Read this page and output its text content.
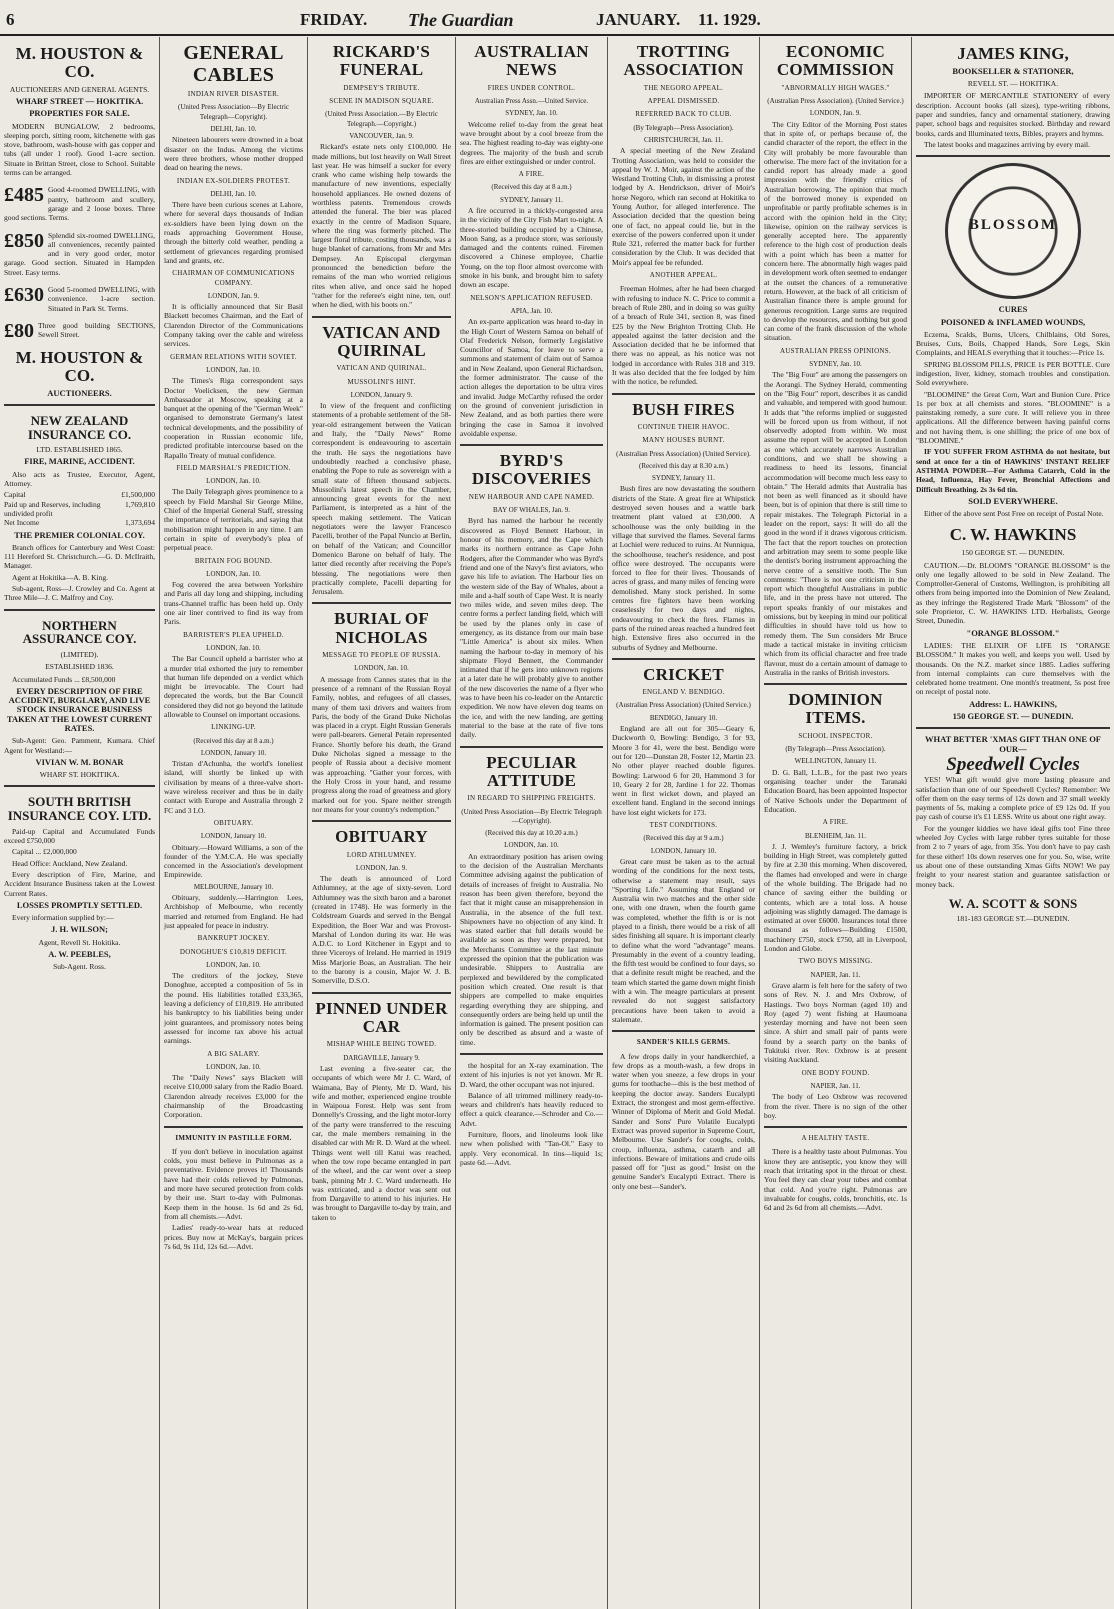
6	FRIDAY. The Guardian	JANUARY. 11. 1929.
M. HOUSTON & CO.
AUCTIONEERS AND GENERAL AGENTS.
WHARF STREET — HOKITIKA.
PROPERTIES FOR SALE.
MODERN BUNGALOW, 2 bedrooms, sleeping porch, sitting room, kitchenette with gas stove, bathroom, wash-house with gas copper and tubs (all under 1 roof). Good 1-acre section. Situate in Brittan Street, close to School. Suitable terms can be arranged.
£485 Good 4-roomed DWELLING, with pantry, bathroom and scullery, garage and 2 loose boxes. Three good sections. Terms.
£850 Splendid six-roomed DWELLING, all conveniences, recently painted and in very good order, motor garage. Good section. Situated in Hampden Street. Easy terms.
£630 Good 5-roomed DWELLING, with convenience. 1-acre section. Situated in Park St. Terms.
£80 Three good building SECTIONS, Sewell Street.
M. HOUSTON & CO.
AUCTIONEERS.
NEW ZEALAND INSURANCE CO.
LTD. ESTABLISHED 1865.
FIRE, MARINE, ACCIDENT.
Also acts as Trustee, Executor, Agent, Attorney.
Capital	£1,500,000
Paid up and Reserves, including undivided profit
1,769,810
Net Income	1,373,694
THE PREMIER COLONIAL COY.
Branch offices for Canterbury and West Coast: 111 Hereford St. Christchurch.—G. D. McIlraith, Manager.
Agent at Hokitika—A. B. King.
Sub-agent, Ross—J. Crowley and Co. Agent at Three Mile—J. C. Malfroy and Coy.
NORTHERN ASSURANCE COY.
(LIMITED).
ESTABLISHED 1836.
Accumulated Funds ... £8,500,000
EVERY DESCRIPTION OF FIRE ACCIDENT, BURGLARY, AND LIVE STOCK INSURANCE BUSINESS TAKEN AT THE LOWEST CURRENT RATES.
Sub-Agent: Geo. Pamment, Kumara. Chief Agent for Westland:—
VIVIAN W. M. BONAR
WHARF ST. HOKITIKA.
SOUTH BRITISH INSURANCE COY. LTD.
Paid-up Capital and Accumulated Funds exceed £750,000
Capital ... £2,000,000
Head Office: Auckland, New Zealand.
Every description of Fire, Marine, and Accident Insurance Business taken at the Lowest Current Rates.
LOSSES PROMPTLY SETTLED.
Every information supplied by:—
J. H. WILSON;
Agent, Revell St. Hokitika.
A. W. PEEBLES,
Sub-Agent. Ross.
GENERAL CABLES
INDIAN RIVER DISASTER.
(United Press Association—By Electric Telegraph—Copyright).
DELHI, Jan. 10.
Nineteen labourers were drowned in a boat disaster on the Indus. Among the victims were three brothers, whose mother dropped dead on hearing the news.
INDIAN EX-SOLDIERS PROTEST.
DELHI, Jan. 10.
There have been curious scenes at Lahore, where for several days thousands of Indian ex-soldiers have been lying down on the roads approaching Government House, through the bitterly cold weather, pending a settlement of grievances regarding promised land and grants, etc.
CHAIRMAN OF COMMUNICATIONS COMPANY.
LONDON, Jan. 9.
It is officially announced that Sir Basil Blackett becomes Chairman, and the Earl of Clarendon Director of the Communications Company taking over the cable and wireless services.
GERMAN RELATIONS WITH SOVIET.
LONDON, Jan. 10.
The Times's Riga correspondent says Doctor Voelicksen, the new German Ambassador at Moscow, speaking at a banquet at the opening of the "German Week" organised to demonstrate Germany's latest technical developments, and the possibility of cooperation in Russian economic life, predicted profitable intercourse based on the Rapallo Treaty of mutual confidence.
FIELD MARSHAL'S PREDICTION.
LONDON, Jan. 10.
The Daily Telegraph gives prominence to a speech by Field Marshal Sir George Milne, Chief of the Imperial General Staff, stressing the importance of territorials, and saying that mobilisation might happen in any time. I am certain in spite of everybody's plea of perpetual peace.
BRITAIN FOG BOUND.
LONDON, Jan. 10.
Fog covered the area between Yorkshire and Paris all day long and shipping, including trans-Channel traffic has been held up. Only one air liner contrived to find its way from Paris.
BARRISTER'S PLEA UPHELD.
LONDON, Jan. 10.
The Bar Council upheld a barrister who at a murder trial exhorted the jury to remember that human life depended on a verdict which might be irrevocable. The Court had deprecated the words, but the Bar Council considered they did not go beyond the latitude allowable to Counsel on important occasions.
LINKING-UP.
(Received this day at 8 a.m.)
LONDON, January 10.
Tristan d'Achunha, the world's loneliest island, will shortly be linked up with civilisation by means of a three-valve short-wave wireless receiver and thus be in daily contact with Europe and Australia through 2 FC and 3 LO.
OBITUARY.
LONDON, January 10.
Obituary.—Howard Williams, a son of the founder of the Y.M.C.A. He was specially concerned in the Association's development Empirewide.
MELBOURNE, January 10.
Obituary, suddenly.—Harrington Lees, Archbishop of Melbourne, who recently married and returned from England. He had just appealed for peace in industry.
BANKRUPT JOCKEY.
DONOGHUE'S £10,819 DEFICIT.
LONDON, Jan. 10.
The creditors of the jockey, Steve Donoghue, accepted a composition of 5s in the pound. His liabilities totalled £33,365, leaving a deficiency of £10,819. He attributed his bankruptcy to his liabilities being under joint guarantees, and promissory notes being assessed for income tax above his actual earnings.
A BIG SALARY.
LONDON, Jan. 10.
The "Daily News" says Blackett will receive £10,000 salary from the Radio Board. Clarendon already receives £3,000 for the chairmanship of the Broadcasting Corporation.
IMMUNITY IN PASTILLE FORM.
If you don't believe in inoculation against colds, you must believe in Pulmonas as a preventative. Evidence proves it! Thousands have had their colds relieved by Pulmonas, and more have secured protection from colds by their use. Start to-day with Pulmonas. Keep them in the house. 1s 6d and 2s 6d, from all chemists.—Advt.
Ladies' ready-to-wear hats at reduced prices. Buy now at McKay's, bargain prices 7s 6d, 9s 11d, 12s 6d.—Advt.
RICKARD'S FUNERAL
DEMPSEY'S TRIBUTE.
SCENE IN MADISON SQUARE.
(United Press Association.—By Electric Telegraph.—Copyright.)
VANCOUVER, Jan. 9.
Rickard's estate nets only £100,000. He made millions, but lost heavily on Wall Street last year. He was himself a sucker for every crank who came wishing help towards the manufacture of new inventions, especially household appliances. He owned dozens of worthless patents. Tremendous crowds attended the funeral. The bier was placed exactly in the centre of Madison Square, where the ring was formerly pitched. The largest floral tribute, costing thousands, was a huge blanket of carnations, from Mr and Mrs Dempsey. An Episcopal clergyman pronounced the benediction before the remains of the man who worried religious rites when alive, and once said he hoped "rather for the referee's eight nine, ten, out! when he died, with his boots on."
VATICAN AND QUIRINAL
VATICAN AND QUIRINAL.
MUSSOLINI'S HINT.
LONDON, January 9.
In view of the frequent and conflicting statements of a probable settlement of the 58-year-old estrangement between the Vatican and Italy, the "Daily News" Rome correspondent is endeavouring to ascertain the truth. He says the negotiations have undoubtedly reached a conclusive phase, enabling the Pope to rule as sovereign with a small state of fifteen thousand subjects. Mussolini's latest speech in the Chamber, announcing great events for the next Parliament, is interpreted as a hint of the speech making settlement. The Vatican negotiators were the lawyer Francesco Pacelli, brother of the Papal Nuncio at Berlin, on behalf of the Vatican; and Councillor Domenico Barone on behalf of Italy. The latter died recently after receiving the Pope's blessing. The negotiations were then practically complete, Pacelli departing for Jerusalem.
BURIAL OF NICHOLAS
MESSAGE TO PEOPLE OF RUSSIA.
LONDON, Jan. 10.
A message from Cannes states that in the presence of a remnant of the Russian Royal Family, nobles, and refugees of all classes, many of them taxi drivers and waiters from Paris, the body of the Grand Duke Nicholas was placed in a crypt. Eight Russian Generals were pall-bearers. General Petain represented France. Shortly before his death, the Grand Duke Nicholas signed a message to the people of Russia about a decisive moment was approaching. "Gather your forces, with the Holy Cross in your hand, and resume progress along the road of greatness and glory marked out for you. Spare neither strength nor means for your country's redemption."
OBITUARY
LORD ATHLUMNEY.
LONDON, Jan. 9.
The death is announced of Lord Athlumney, at the age of sixty-seven. Lord Athlumney was the sixth baron and a baronet (created in 1748). He was formerly in the Coldstream Guards and served in the Bengal Expedition, the Boer War and was Provost-Marshal of London during its war. He was A.D.C. to Lord Kitchener in Egypt and to three Viceroys of Ireland. He married in 1919 Miss Marjorie Boas, an Australian. The heir to the barony is a cousin, Major W. J. B. Somerville, D.S.O.
PINNED UNDER CAR
MISHAP WHILE BEING TOWED.
DARGAVILLE, January 9.
Last evening a five-seater car, the occupants of which were Mr J. C. Ward, of Waimana, Bay of Plenty, Mr D. Ward, his wife and mother, experienced engine trouble in Waipoua Forest. Help was sent from Donnelly's Crossing, and the light motor-lorry of the party were transferred to the rescuing car, the male members remaining in the disabled car with Mr R. D. Ward at the wheel. Things went well till Katui was reached, when the tow rope became entangled in part of the wheel, and the car went over a steep bank, pinning Mr J. C. Ward underneath. He was extricated, and a doctor was sent out from Dargaville to attend to his injuries. He was brought to Dargaville to-day by train, and taken to
AUSTRALIAN NEWS
FIRES UNDER CONTROL.
Australian Press Assn.—United Service.
SYDNEY, Jan. 10.
Welcome relief to-day from the great heat wave brought about by a cool breeze from the sea. The highest reading to-day was eighty-one degrees. The majority of the bush and scrub fires are either extinguished or under control.
A FIRE.
(Received this day at 8 a.m.)
SYDNEY, January 11.
A fire occurred in a thickly-congested area in the vicinity of the City Fish Mart to-night. A three-storied building occupied by a Chinese, Moon Sang, as a produce store, was seriously damaged and the contents ruined. Firemen discovered a Chinese employee, Charlie Young, on the top floor almost overcome with smoke in his bunk, and brought him to safety down an escape.
NELSON'S APPLICATION REFUSED.
APIA, Jan. 10.
An ex-parte application was heard to-day in the High Court of Western Samoa on behalf of Olaf Frederick Nelson, formerly Legislative Councillor of Samoa, for leave to serve a summons and statement of claim out of Samoa and in New Zealand, upon General Richardson, the former administrator. The cause of the action alleges the deportation to be ultra vires and invalid. Judge McCarthy refused the order on the ground of convenient jurisdiction in New Zealand, and as both parties there were bringing the case in Samoa it involved avoidable expense.
BYRD'S DISCOVERIES
NEW HARBOUR AND CAPE NAMED.
BAY OF WHALES, Jan. 9.
Byrd has named the harbour he recently discovered as Floyd Bennett Harbour, in honour of his memory, and the Cape which marks its northern entrance as Cape John Rodgers, after the Commander who was Byrd's friend and one of the Navy's first aviators, who gave his life to aviation. The Harbour lies on the western side of the Bay of Whales, about a mile and a-half south of Cape West. It is nearly two miles wide, and seven miles deep. The centre forms a perfect landing field, which will be used by the planes only in case of emergency, as its distance from our main base "Little America" is about six miles. When naming the harbour to-day in memory of his shipmate Floyd Bennett, the Commander intimated that if he gets into unknown regions at a later date he will probably give to another of the new discoveries the name of a flyer who was to have been his co-leader on the Antarctic expedition. We now have eleven dog teams on the ice, and with the new landing, are getting material to the base at the rate of five tons daily.
PECULIAR ATTITUDE
IN REGARD TO SHIPPING FREIGHTS.
(United Press Association—By Electric Telegraph—Copyright).
(Received this day at 10.20 a.m.)
LONDON, Jan. 10.
An extraordinary position has arisen owing to the decision of the Australian Merchants Committee advising against the publication of details of increases of freight to Australia. No reason has been given therefore, beyond the fact that it might cause an misapprehension in Australia, in the absence of the full text. Shipowners have no objection of any kind. It was stated earlier that full details would be available as soon as they were prepared, but the Merchants Committee at the last minute expressed the opinion that the publication was undesirable. Shippers to Australia are perplexed and bewildered by the complicated position which created. One result is that shippers are compelled to make enquiries regarding everything they are shipping, and consequently orders are being held up until the information is gained. The present position can only be described as absurd and a waste of time.
the hospital for an X-ray examination. The extent of his injuries is not yet known. Mr R. D. Ward, the other occupant was not injured.
Balance of all trimmed millinery ready-to-wears and children's hats heavily reduced to effect a quick clearance.—Schroder and Co.—Advt.
Furniture, floors, and linoleums look like new when polished with "Tan-Ol." Easy to apply. Very economical. In tins—liquid 1s; paste 6d.—Advt.
TROTTING ASSOCIATION
THE NEGORO APPEAL.
APPEAL DISMISSED.
REFERRED BACK TO CLUB.
(By Telegraph—Press Association).
CHRISTCHURCH, Jan. 11.
A special meeting of the New Zealand Trotting Association, was held to consider the appeal by W. J. Moir, against the action of the Westland Trotting Club, in dismissing a protest lodged by A. Hendrickson, driver of Moir's horse Negoro, which ran second at Hokitika to Young Author, for alleged interference. The Association decided that the question being one of fact, no appeal could lie, but in the exercise of the powers conferred upon it under Rule 321, referred the matter back for further consideration by the Club. It was decided that Moir's appeal fee be refunded.
ANOTHER APPEAL.
Freeman Holmes, after he had been charged with refusing to induce N. C. Price to commit a breach of Rule 280, and in doing so was guilty of a breach of Rule 341, section 8, was fined £25 by the New Brighton Trotting Club. He appealed against the latter decision and the Association decided that he be informed that there was no appeal, as his notice was not lodged in accordance with Rules 318 and 319. It was also decided that the fee lodged by him with the notice, be refunded.
BUSH FIRES
CONTINUE THEIR HAVOC.
MANY HOUSES BURNT.
(Australian Press Association) (United Service).
(Received this day at 8.30 a.m.)
SYDNEY, January 11.
Bush fires are now devastating the southern districts of the State. A great fire at Whipstick destroyed seven houses and a wattle bark treatment plant valued at £30,000. A schoolhouse was the only building in the village that survived the flames. Several farms at Lochiel were reduced to ruins. At Nunniqua, the schoolhouse, teacher's residence, and post office were destroyed. The occupants were forced to flee for their lives. Thousands of acres of grass, and many miles of fencing were demolished. Many stock perished. In some centres fire fighters have been working ceaselessly for two days and nights, endeavouring to check the fires. Flames in parts of the ruined areas reached a hundred feet high. Extensive fires also occurred in the suburbs of Sydney and Melbourne.
CRICKET
ENGLAND V. BENDIGO.
(Australian Press Association) (United Service.)
BENDIGO, January 10.
England are all out for 305—Geary 6, Duckworth 0, Bowling: Bendigo, 3 for 93, Moore 3 for 41, were the best. Bendigo were out for 120—Dunstan 28, Foster 12, Martin 23. No other player reached double figures. Bowling: Larwood 6 for 20, Hammond 3 for 10, Geary 2 for 28, Jardine 1 for 22. Thomas went in first wicket down, and played an excellent hand. England in the second innings have lost eight wickets for 173.
TEST CONDITIONS.
(Received this day at 9 a.m.)
LONDON, January 10.
Great care must be taken as to the actual wording of the conditions for the next tests, otherwise a statement may result, says "Sporting Life." Assuming that England or Australia win two matches and the other side one, with one drawn, when the fourth game was completed, whether the fifth is or is not played to a finish, there would be a risk of all sides finishing all square. It is important clearly to define what the word "advantage" means. Presumably in the event of a country leading, the fifth test would be confined to four days, so that a definite result might be reached, and the team which started the game down might finish with a win. The meagre particulars at present revealed do not suggest satisfactory precautions have been taken to avoid a stalemate.
SANDER'S KILLS GERMS.
A few drops daily in your handkerchief, a few drops as a mouth-wash, a few drops in water when you sneeze, a few drops in your gums for toothache—this is the best method of keeping the doctor away. Sanders Eucalypti Extract, the strongest and most germ-effective. Winner of Diploma of Merit and Gold Medal. Sander and Sons' Pure Volatile Eucalypti Extract was proved superior in Supreme Court, Melbourne. Use Sander's for coughs, colds, croup, influenza, asthma, catarrh and all infections. Beware of imitations and crude oils passed off for "just as good." Insist on the genuine Sander's Eucalypti Extract. There is only one best—Sander's.
ECONOMIC COMMISSION
"ABNORMALLY HIGH WAGES."
(Australian Press Association). (United Service.)
LONDON, Jan. 9.
The City Editor of the Morning Post states that in spite of, or perhaps because of, the candid character of the report, the effect in the City will probably be more favourable than otherwise. The mere fact of the invitation for a candid report has already made a good impression with the friendly critics of Australian borrowing. The opinion that much of the borrowed money is expended on unprofitable or partly profitable schemes is in accord with the opinion held in the City; likewise, opinion on the railway services is generally accepted here. The apparently reference to the high cost of production deals with a point which has been a matter for concern here. The abnormally high wages paid in development work often seemed to endanger at the outset the chances of a remunerative return. However, at the back of all criticism of Australian finance there is ample ground for generous recognition. Large sums are required to develop the resources, and nothing but good can come of the frank discussion of the whole situation.
AUSTRALIAN PRESS OPINIONS.
SYDNEY, Jan. 10.
The "Big Four" are among the passengers on the Aorangi. The Sydney Herald, commenting on the "Big Four" report, describes it as candid and valuable, and tempered with good humour. It adds that "the reforms implied or suggested will be forced upon us from without, if not observedly adopted from within. We must assume the report will be accepted in London as one which accurately narrows Australian conditions, and we shall be showing a readiness to heed its lessons, financial accommodation will become much less easy to obtain." The Herald admits that Australia has not been as well financed as it should have been, but is of opinion that there is still time to repair mistakes. The Telegraph Pictorial in a leader on the report, says: It will do all the good in the word if it draws vigorous criticism. The fact that the report touches on protection and arbitration may seem to some people like the dentist's boring instrument approaching the nerve centre of a sensitive tooth. The Sun comments: "There is not one criticism in the report which thoughtful Australians in public life, and in the press have not uttered. The report speaks frankly of our mistakes and omissions, but by keeping in mind our political difficulties in should have told us how to remedy them. The Sun considers Mr Bruce made a tactical mistake in inviting criticism which from its official character and free trade flavour, must do a certain amount of damage to Australia in the ranks of British investors.
DOMINION ITEMS.
SCHOOL INSPECTOR.
(By Telegraph—Press Association).
WELLINGTON, January 11.
D. G. Ball, L.L.B., for the past two years organising teacher under the Taranaki Education Board, has been appointed Inspector of Native Schools under the Department of Education.
A FIRE.
BLENHEIM, Jan. 11.
J. J. Wemley's furniture factory, a brick building in High Street, was completely gutted by fire at 2.30 this morning. When discovered, the flames had enveloped and were in charge of the whole building. The Brigade had no chance of saving either the building or contents, which are a total loss. A house adjoining was slightly damaged. The damage is estimated at over £6000. Insurances total three thousand as follows—Building £1500, machinery £750, stock £750, all in Liverpool, London and Globe.
TWO BOYS MISSING.
NAPIER, Jan. 11.
Grave alarm is felt here for the safety of two sons of Rev. N. J. and Mrs Oxbrow, of Hastings. Two boys Norman (aged 10) and Roy (aged 7) went fishing at Haumoana yesterday morning and have not been seen since. A shirt and small pair of pants were found by a search party on the banks of Tukituki river. Rev. Oxbrow is at present visiting Auckland.
ONE BODY FOUND.
NAPIER, Jan. 11.
The body of Leo Oxbrow was recovered from the river. There is no sign of the other boy.
A HEALTHY TASTE.
There is a healthy taste about Pulmonas. You know they are antiseptic, you know they will reach that irritating spot in the throat or chest. You feel they can clear your tubes and combat that cold. And you're right. Pulmonas are invaluable for coughs, colds, bronchitis, etc. 1s 6d and 2s 6d from all chemists.—Advt.
JAMES KING,
BOOKSELLER & STATIONER,
REVELL ST. — HOKITIKA.
IMPORTER OF MERCANTILE STATIONERY of every description. Account books (all sizes), type-writing ribbons, paper and sundries, fancy and ornamental stationery, drawing paper, school bags and requisites stocked. Birthday and reward books, cards and Illuminated texts, Bibles, prayers and hymns.
The latest books and magazines arriving by every mail.
BLOSSOM
CURES
POISONED & INFLAMED WOUNDS,
Eczema, Scalds, Burns, Ulcers, Chilblains, Old Sores, Bruises, Cuts, Boils, Chapped Hands, Sore Legs, Skin Complaints, and HEALS everything that it touches:—Price 1s.
SPRING BLOSSOM PILLS, PRICE 1s PER BOTTLE. Cure indigestion, liver, kidney, stomach troubles and constipation. Sold everywhere.
"BLOOMINE" the Great Corn, Wart and Bunion Cure. Price 1s per box at all chemists and stores. "BLOOMINE" is a painstaking remedy, a sure cure. It will relieve you in three applications. All the difference between having painful corns and not having them, is one shilling; the price of one box of "BLOOMINE."
IF YOU SUFFER FROM ASTHMA do not hesitate, but send at once for a tin of HAWKINS' INSTANT RELIEF ASTHMA POWDER—For Asthma Catarrh, Cold in the Head, Influenza, Hay Fever, Bronchial Affections and Difficult Breathing. 2s 3s 6d tin.
SOLD EVERYWHERE.
Either of the above sent Post Free on receipt of Postal Note.
C. W. HAWKINS
150 GEORGE ST. — DUNEDIN.
CAUTION.—Dr. BLOOM'S "ORANGE BLOSSOM" is the only one legally allowed to be sold in New Zealand. The Comptroller-General of Customs, Wellington, is prohibiting all others from being imported into the Dominion of New Zealand, as they infringe the Registered Trade Mark "Blossom" of the sole Proprietor, C. W. HAWKINS LTD. Herbalists, George Street, Dunedin.
"ORANGE BLOSSOM."
LADIES: THE ELIXIR OF LIFE IS "ORANGE BLOSSOM." It makes you well, and keeps you well. Used by thousands. On the N.Z. market since 1885. Ladies suffering from internal complaints can cure themselves with the celebrated home treatment. One month's treatment, 5s post free on receipt of postal note.
Address: L. HAWKINS,
150 GEORGE ST. — DUNEDIN.
WHAT BETTER 'XMAS GIFT THAN ONE OF OUR—
Speedwell Cycles
YES! What gift would give more lasting pleasure and satisfaction than one of our Speedwell Cycles? Remember: We offer them on the easy terms of 12s down and 37 small weekly payments of 5s, making a complete price of £9 12s 0d. If you pay cash of course it's £1 LESS. Write us about one right away.
For the younger kiddies we have ideal gifts too! Fine three wheeled Joy Cycles with large rubber tyres suitable for those from 2 to 7 years of age, from 35s. You don't have to pay cash for these either! 10s down reserves one for you. So, wise, write us about one of these outstanding Xmas Gifts NOW! We pay freight to your nearest station and guarantee satisfaction or money back.
W. A. SCOTT & SONS
181-183 GEORGE ST.—DUNEDIN.
